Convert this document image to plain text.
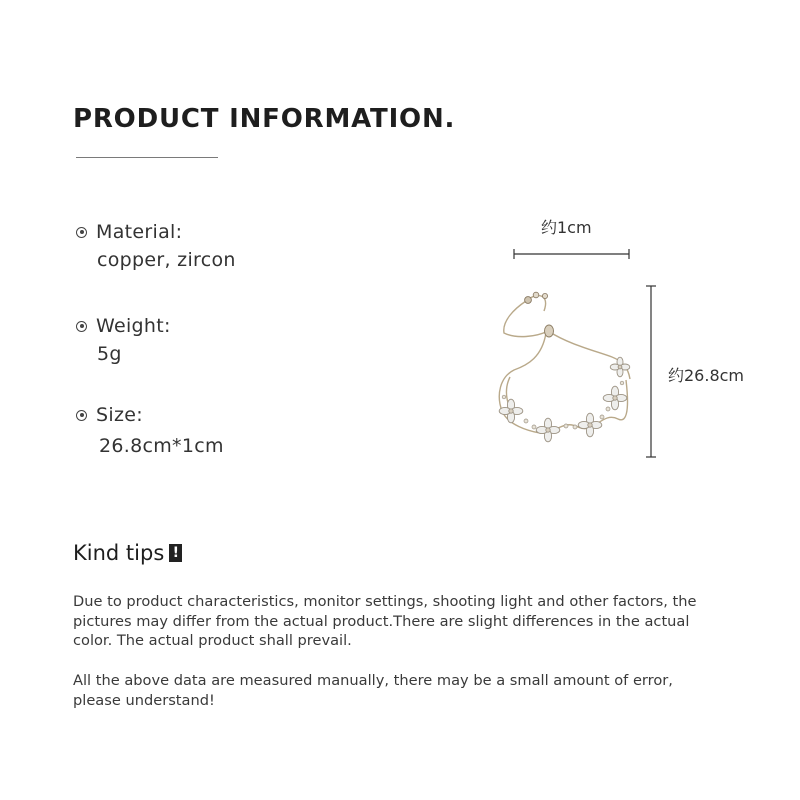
PRODUCT INFORMATION.
Material:
copper, zircon
Weight:
5g
Size:
26.8cm*1cm
约1cm
约26.8cm
Kind tips !

Due to product characteristics, monitor settings, shooting light and other factors, the pictures may differ from the actual product.There are slight differences in the actual color. The actual product shall prevail.

All the above data are measured manually, there may be a small amount of error, please understand!
